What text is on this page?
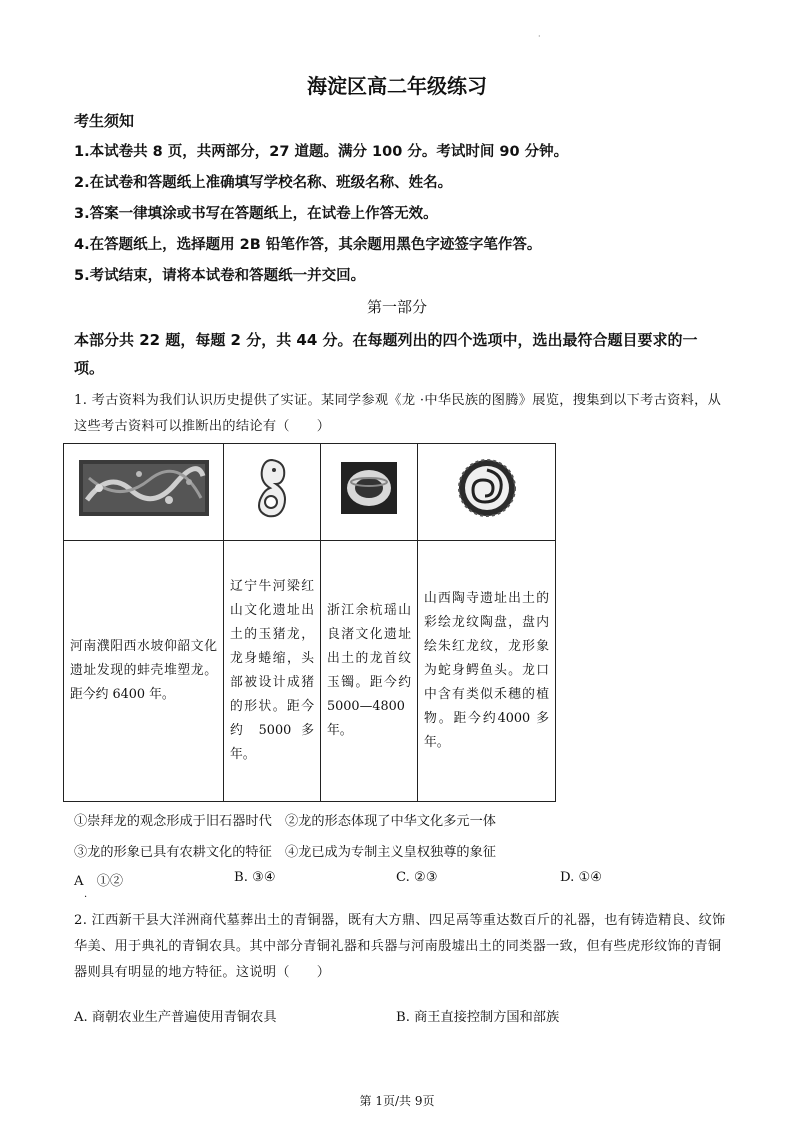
·
海淀区高二年级练习
考生须知
1.本试卷共 8 页，共两部分，27 道题。满分 100 分。考试时间 90 分钟。
2.在试卷和答题纸上准确填写学校名称、班级名称、姓名。
3.答案一律填涂或书写在答题纸上，在试卷上作答无效。
4.在答题纸上，选择题用 2B 铅笔作答，其余题用黑色字迹签字笔作答。
5.考试结束，请将本试卷和答题纸一并交回。
第一部分
本部分共 22 题，每题 2 分，共 44 分。在每题列出的四个选项中，选出最符合题目要求的一项。
1. 考古资料为我们认识历史提供了实证。某同学参观《龙 ·中华民族的图腾》展览，搜集到以下考古资料，从这些考古资料可以推断出的结论有（　　）

河南濮阳西水坡仰韶文化遗址发现的蚌壳堆塑龙。距今约 6400 年。	辽宁牛河梁红山文化遗址出土的玉猪龙，龙身蜷缩，头部被设计成猪的形状。距今约 5000 多年。	浙江余杭瑶山良渚文化遗址出土的龙首纹玉镯。距今约 5000—4800 年。	山西陶寺遗址出土的彩绘龙纹陶盘，盘内绘朱红龙纹，龙形象为蛇身鳄鱼头。龙口中含有类似禾穗的植物。距今约4000 多年。
①崇拜龙的观念形成于旧石器时代　②龙的形态体现了中华文化多元一体
③龙的形象已具有农耕文化的特征　④龙已成为专制主义皇权独尊的象征
A　①②	B. ③④	C. ②③	D. ①④
·
2. 江西新干县大洋洲商代墓葬出土的青铜器，既有大方鼎、四足鬲等重达数百斤的礼器，也有铸造精良、纹饰华美、用于典礼的青铜农具。其中部分青铜礼器和兵器与河南殷墟出土的同类器一致，但有些虎形纹饰的青铜器则具有明显的地方特征。这说明（　　）
A. 商朝农业生产普遍使用青铜农具	B. 商王直接控制方国和部族
第 1页/共 9页
